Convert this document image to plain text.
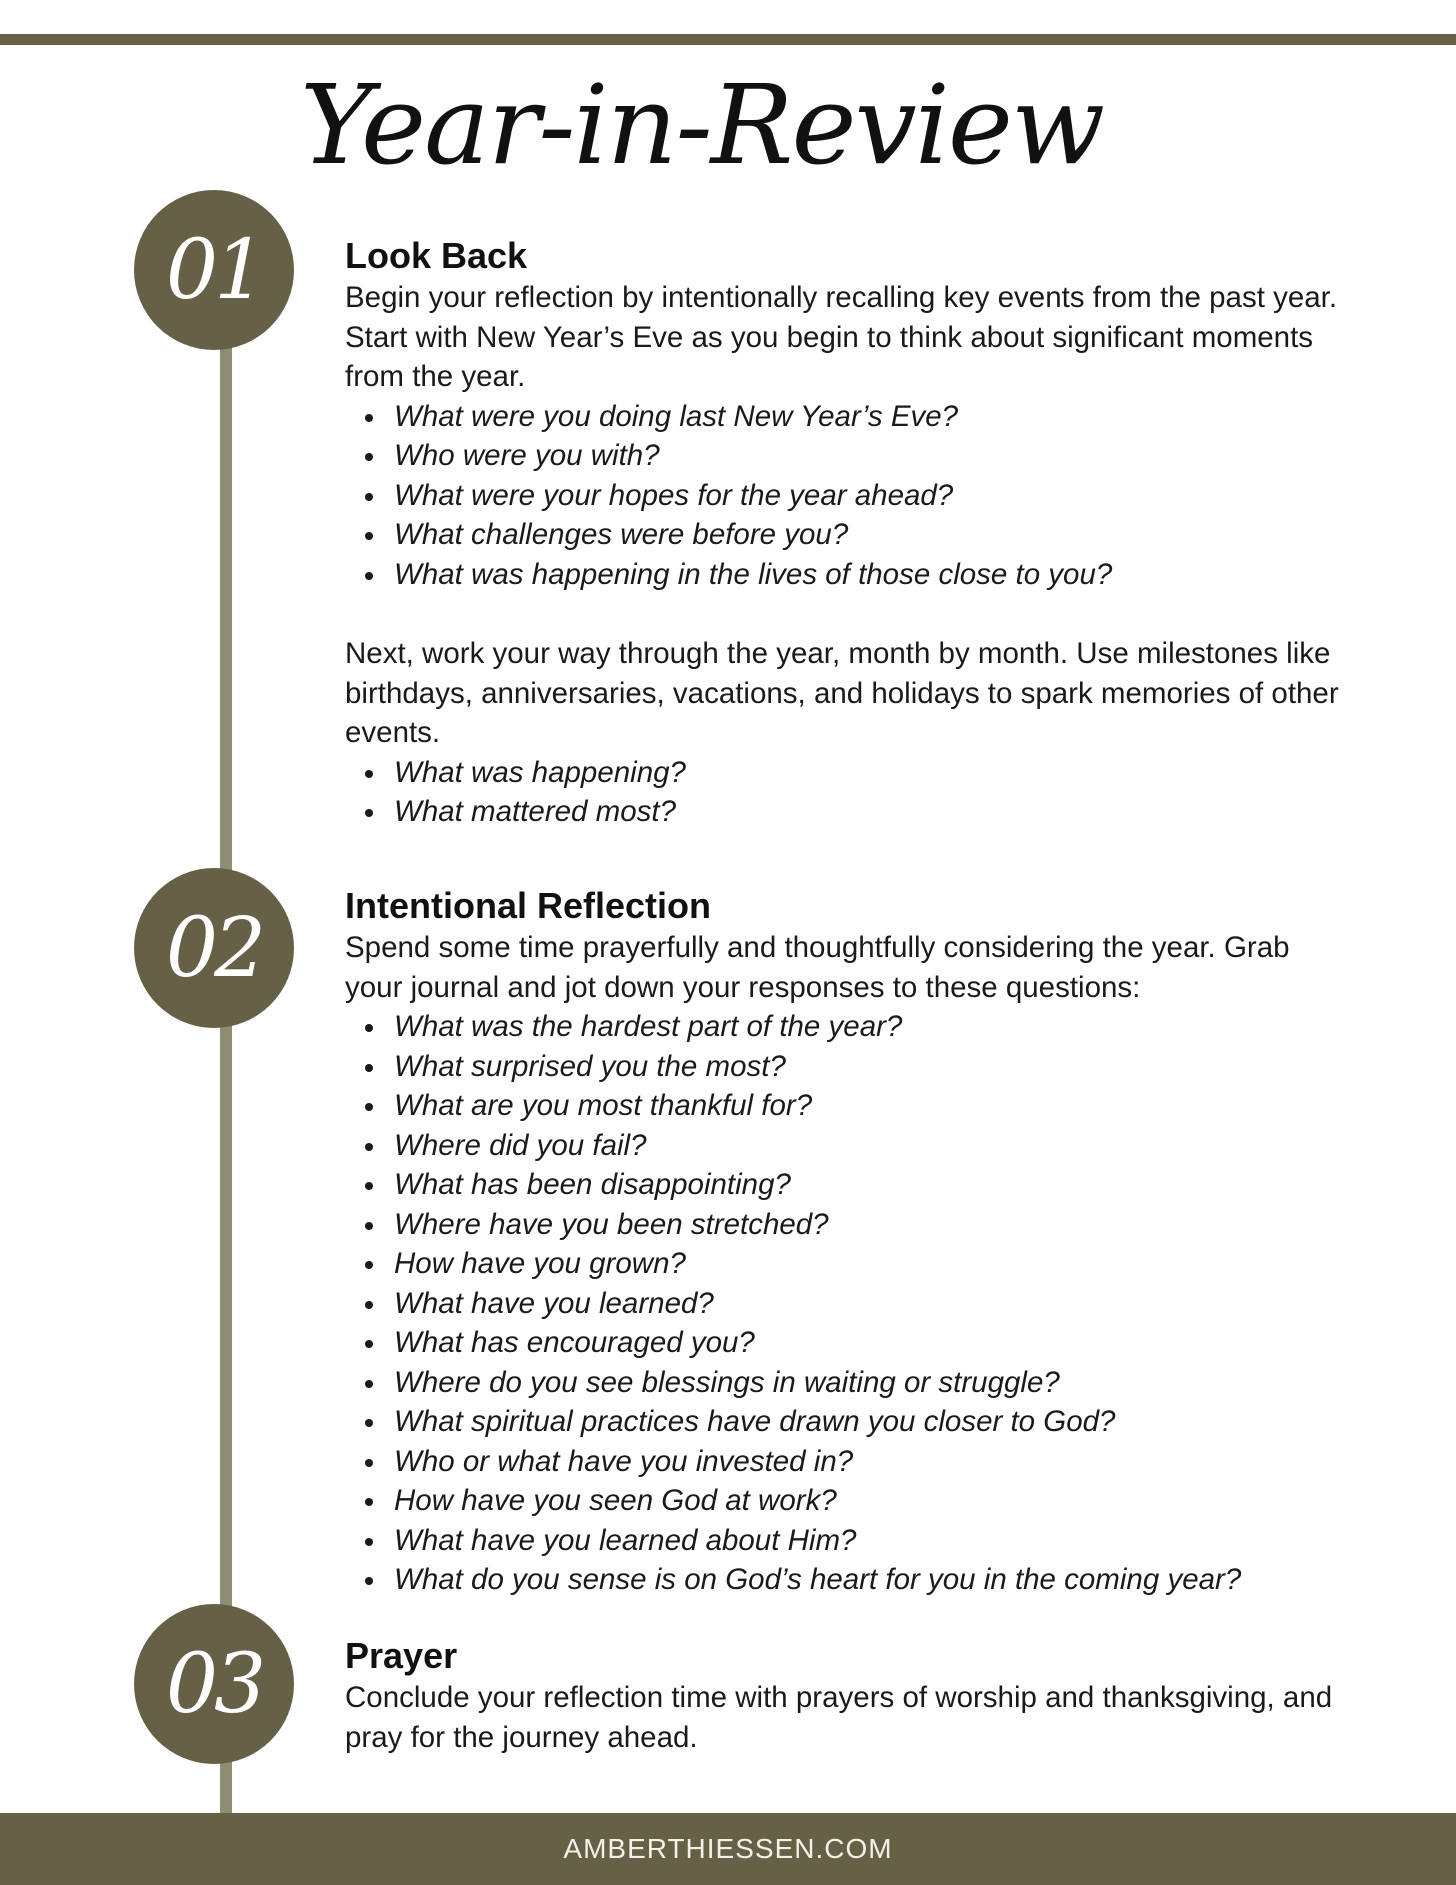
Year-in-Review
01	Look Back

Begin your reflection by intentionally recalling key events from the past year. Start with New Year’s Eve as you begin to think about significant moments from the year.

What were you doing last New Year’s Eve?
Who were you with?
What were your hopes for the year ahead?
What challenges were before you?
What was happening in the lives of those close to you?

Next, work your way through the year, month by month. Use milestones like birthdays, anniversaries, vacations, and holidays to spark memories of other events.

What was happening?
What mattered most?
02	Intentional Reflection

Spend some time prayerfully and thoughtfully considering the year. Grab your journal and jot down your responses to these questions:

What was the hardest part of the year?
What surprised you the most?
What are you most thankful for?
Where did you fail?
What has been disappointing?
Where have you been stretched?
How have you grown?
What have you learned?
What has encouraged you?
Where do you see blessings in waiting or struggle?
What spiritual practices have drawn you closer to God?
Who or what have you invested in?
How have you seen God at work?
What have you learned about Him?
What do you sense is on God’s heart for you in the coming year?
03	Prayer

Conclude your reflection time with prayers of worship and thanksgiving, and pray for the journey ahead.

AMBERTHIESSEN.COM
